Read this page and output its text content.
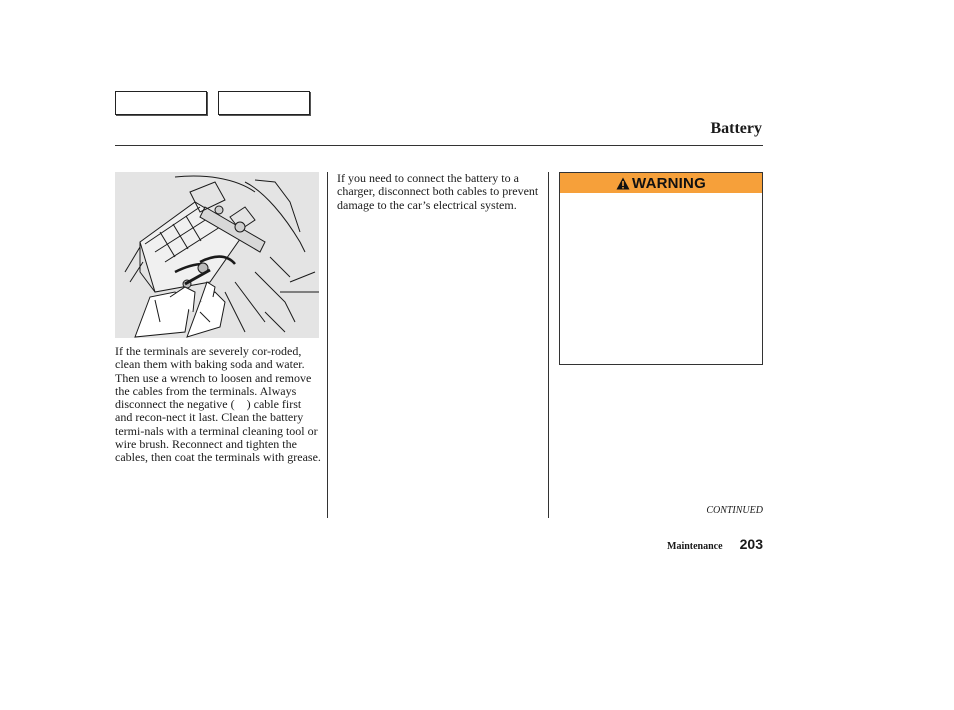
Battery

If the terminals are severely cor-roded, clean them with baking soda and water. Then use a wrench to loosen and remove the cables from the terminals. Always disconnect the negative ( ) cable first and recon-nect it last. Clean the battery termi-nals with a terminal cleaning tool or wire brush. Reconnect and tighten the cables, then coat the terminals with grease.

If you need to connect the battery to a charger, disconnect both cables to prevent damage to the car’s electrical system.

WARNING
CONTINUED
Maintenance 203
